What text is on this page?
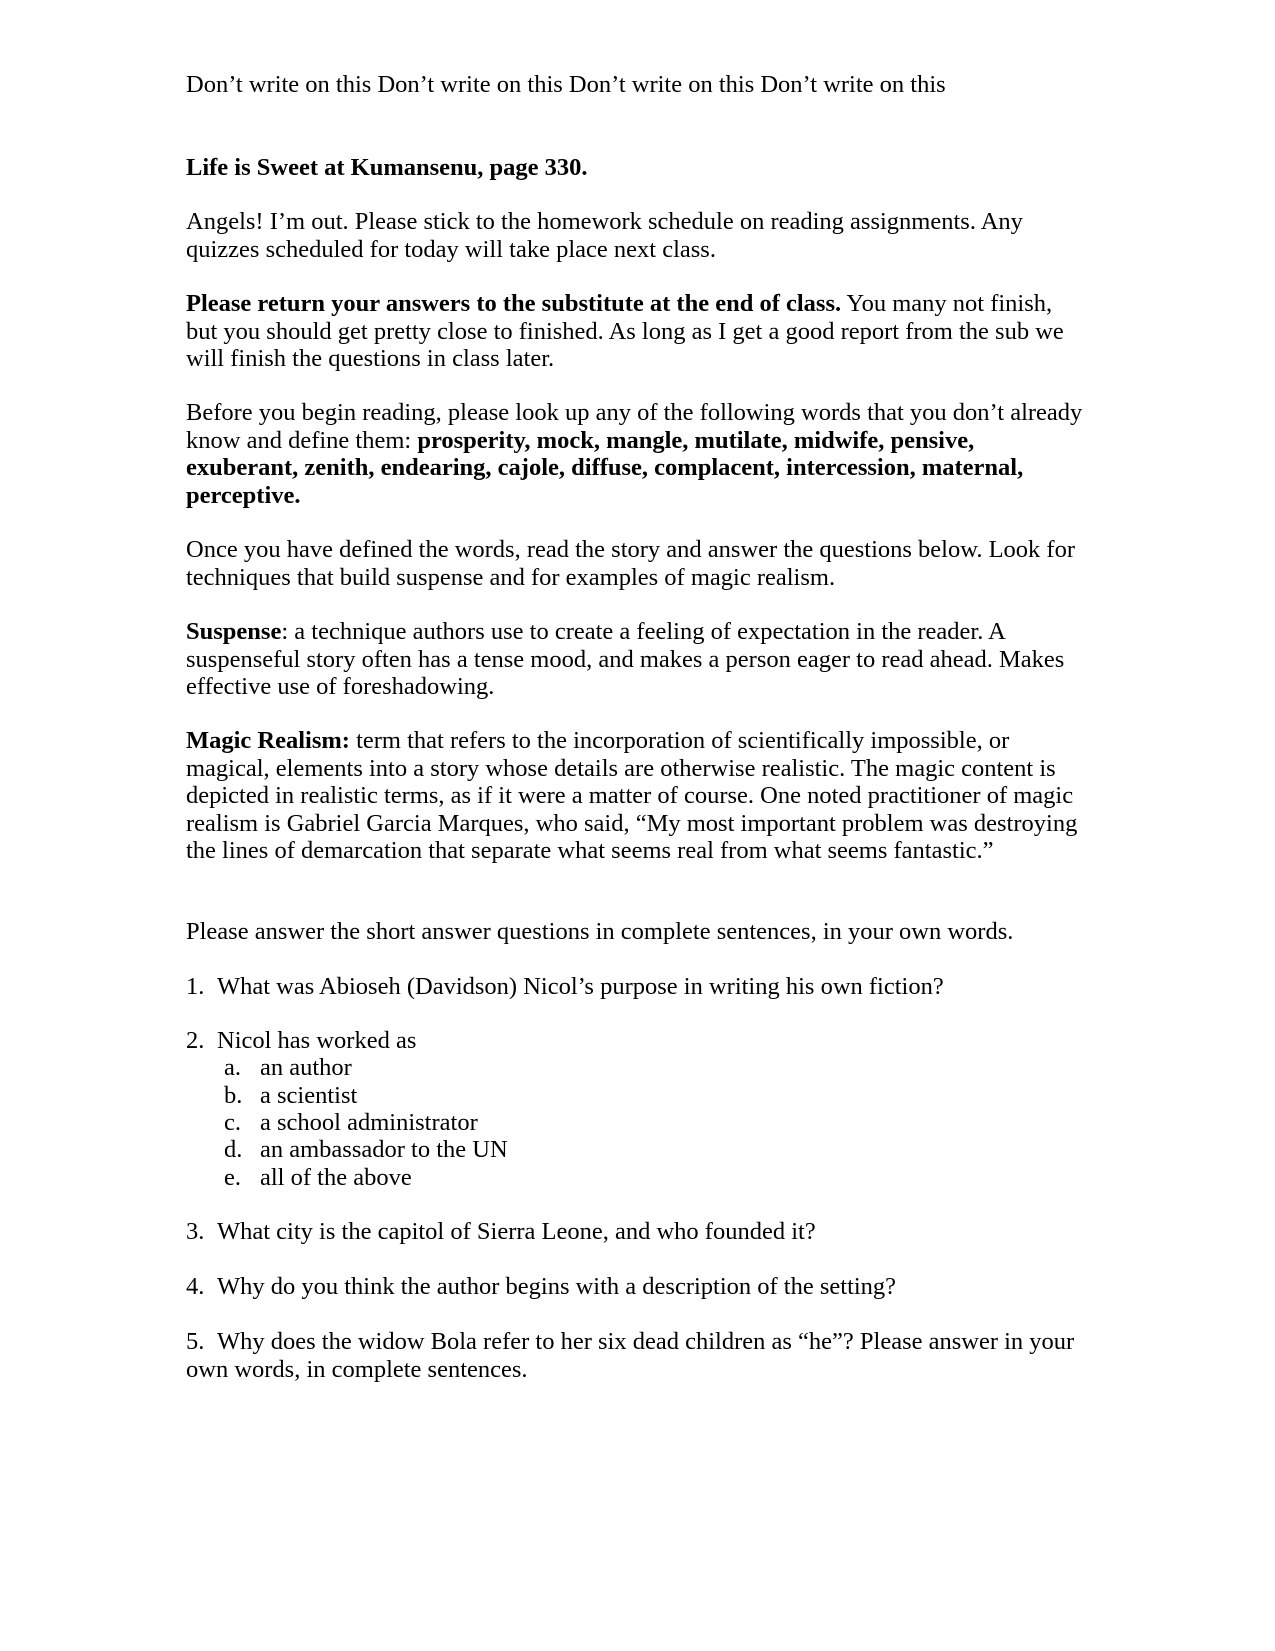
Don’t write on this Don’t write on this Don’t write on this Don’t write on this

Life is Sweet at Kumansenu, page 330.

Angels! I’m out. Please stick to the homework schedule on reading assignments. Any quizzes scheduled for today will take place next class.

Please return your answers to the substitute at the end of class. You many not finish, but you should get pretty close to finished. As long as I get a good report from the sub we will finish the questions in class later.

Before you begin reading, please look up any of the following words that you don’t already know and define them: prosperity, mock, mangle, mutilate, midwife, pensive, exuberant, zenith, endearing, cajole, diffuse, complacent, intercession, maternal, perceptive.

Once you have defined the words, read the story and answer the questions below. Look for techniques that build suspense and for examples of magic realism.

Suspense: a technique authors use to create a feeling of expectation in the reader. A suspenseful story often has a tense mood, and makes a person eager to read ahead. Makes effective use of foreshadowing.

Magic Realism: term that refers to the incorporation of scientifically impossible, or magical, elements into a story whose details are otherwise realistic. The magic content is depicted in realistic terms, as if it were a matter of course. One noted practitioner of magic realism is Gabriel Garcia Marques, who said, “My most important problem was destroying the lines of demarcation that separate what seems real from what seems fantastic.”

Please answer the short answer questions in complete sentences, in your own words.

1. What was Abioseh (Davidson) Nicol’s purpose in writing his own fiction?
2. Nicol has worked as
a. an author
b. a scientist
c. a school administrator
d. an ambassador to the UN
e. all of the above
3. What city is the capitol of Sierra Leone, and who founded it?
4. Why do you think the author begins with a description of the setting?
5. Why does the widow Bola refer to her six dead children as “he”? Please answer in your own words, in complete sentences.
